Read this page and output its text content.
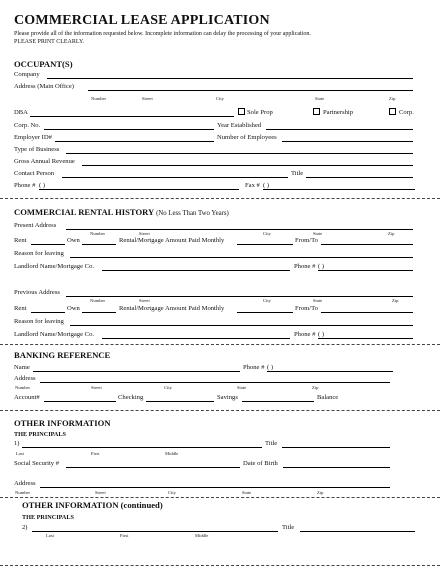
COMMERCIAL LEASE APPLICATION
Please provide all of the information requested below. Incomplete information can delay the processing of your application.
PLEASE PRINT CLEARLY.
OCCUPANT(S)
Company
Address (Main Office)
Number	Street	City	State	Zip
DBA	Sole Prop	Partnership	Corp.
Corp. No.	Year Established
Employer ID#	Number of Employees
Type of Business
Gross Annual Revenue
Contact Person	Title
Phone # ( )	Fax # ( )
COMMERCIAL RENTAL HISTORY (No Less Than Two Years)
Present Address
Number	Street	City	State	Zip
Rent	Own	Rental/Mortgage Amount Paid Monthly	From/To
Reason for leaving
Landlord Name/Mortgage Co.	Phone # ( )
Previous Address
Number	Street	City	State	Zip
Rent	Own	Rental/Mortgage Amount Paid Monthly	From/To
Reason for leaving
Landlord Name/Mortgage Co.	Phone # ( )
BANKING REFERENCE
Name	Phone # ( )
Address
Number	Street	City	State	Zip
Account#	Checking	Savings	Balance
OTHER INFORMATION
THE PRINCIPALS
1)	Title
Last	First	Middle
Social Security #	Date of Birth
Address
Number	Street	City	State	Zip
OTHER INFORMATION (continued)
THE PRINCIPALS
2)	Title
Last	First	Middle
